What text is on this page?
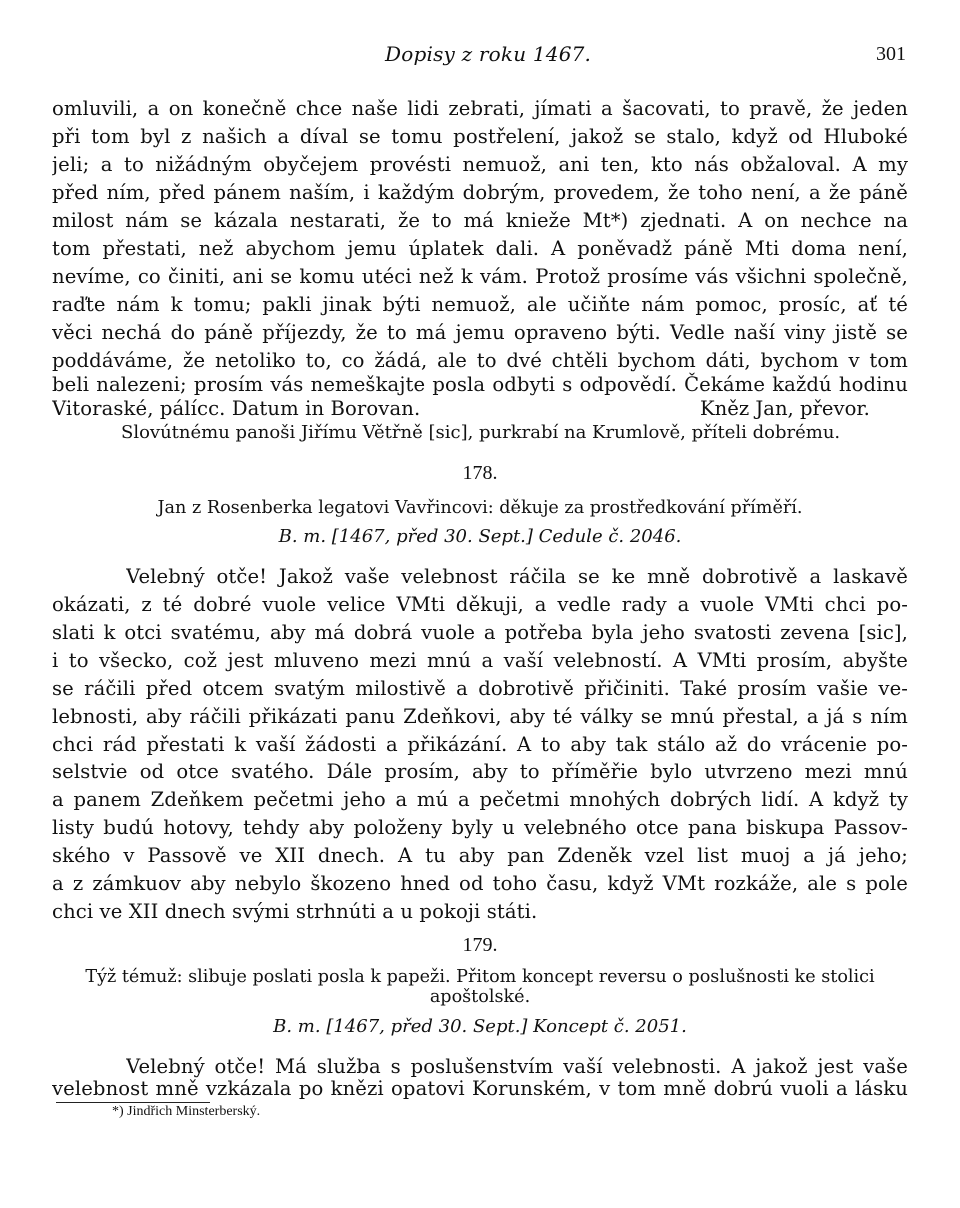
Dopisy z roku 1467.	301
omluvili, a on konečně chce naše lidi zebrati, jímati a šacovati, to pravě, že jeden
při tom byl z našich a díval se tomu postřelení, jakož se stalo, když od Hluboké
jeli; a to nižádným obyčejem provésti nemuož, ani ten, kto nás obžaloval. A my
před ním, před pánem naším, i každým dobrým, provedem, že toho není, a že páně
milost nám se kázala nestarati, že to má knieže Mt*) zjednati. A on nechce na
tom přestati, než abychom jemu úplatek dali. A poněvadž páně Mti doma není,
nevíme, co činiti, ani se komu utéci než k vám. Protož prosíme vás všichni společně,
raďte nám k tomu; pakli jinak býti nemuož, ale učiňte nám pomoc, prosíc, ať té
věci nechá do páně příjezdy, že to má jemu opraveno býti. Vedle naší viny jistě se
poddáváme, že netoliko to, co žádá, ale to dvé chtěli bychom dáti, bychom v tom
beli nalezeni; prosím vás nemeškajte posla odbyti s odpovědí. Čekáme každú hodinu
Vitoraské, pálícc. Datum in Borovan.	Kněz Jan, převor.
Slovútnému panoši Jiřímu Větřně [sic], purkrabí na Krumlově, příteli dobrému.
178.
Jan z Rosenberka legatovi Vavřincovi: děkuje za prostředkování příměří.
B. m. [1467, před 30. Sept.] Cedule č. 2046.
Velebný otče! Jakož vaše velebnost ráčila se ke mně dobrotivě a laskavě
okázati, z té dobré vuole velice VMti děkuji, a vedle rady a vuole VMti chci po-
slati k otci svatému, aby má dobrá vuole a potřeba byla jeho svatosti zevena [sic],
i to všecko, což jest mluveno mezi mnú a vaší velebností. A VMti prosím, abyšte
se ráčili před otcem svatým milostivě a dobrotivě přičiniti. Také prosím vašie ve-
lebnosti, aby ráčili přikázati panu Zdeňkovi, aby té války se mnú přestal, a já s ním
chci rád přestati k vaší žádosti a přikázání. A to aby tak stálo až do vrácenie po-
selstvie od otce svatého. Dále prosím, aby to příměřie bylo utvrzeno mezi mnú
a panem Zdeňkem pečetmi jeho a mú a pečetmi mnohých dobrých lidí. A když ty
listy budú hotovy, tehdy aby položeny byly u velebného otce pana biskupa Passov-
ského v Passově ve XII dnech. A tu aby pan Zdeněk vzel list muoj a já jeho;
a z zámkuov aby nebylo škozeno hned od toho času, když VMt rozkáže, ale s pole
chci ve XII dnech svými strhnúti a u pokoji státi.
179.
Týž témuž: slibuje poslati posla k papeži. Přitom koncept reversu o poslušnosti ke stolici
apoštolské.
B. m. [1467, před 30. Sept.] Koncept č. 2051.
Velebný otče! Má služba s poslušenstvím vaší velebnosti. A jakož jest vaše
velebnost mně vzkázala po knězi opatovi Korunském, v tom mně dobrú vuoli a lásku
*) Jindřich Minsterberský.
